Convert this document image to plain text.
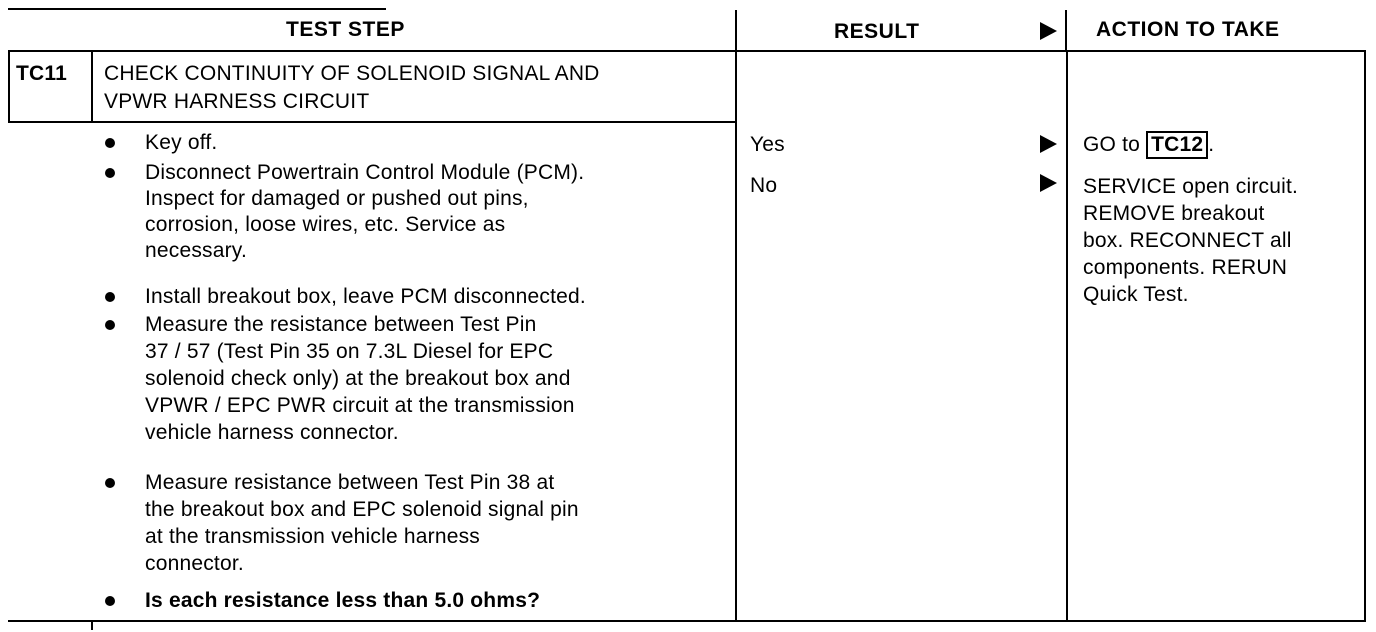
TEST STEP	RESULT	ACTION TO TAKE
TC11 CHECK CONTINUITY OF SOLENOID SIGNAL AND
VPWR HARNESS CIRCUIT
Key off.
Disconnect Powertrain Control Module (PCM).
Inspect for damaged or pushed out pins,
corrosion, loose wires, etc. Service as
necessary.
Install breakout box, leave PCM disconnected.
Measure the resistance between Test Pin
37 / 57 (Test Pin 35 on 7.3L Diesel for EPC
solenoid check only) at the breakout box and
VPWR / EPC PWR circuit at the transmission
vehicle harness connector.
Measure resistance between Test Pin 38 at
the breakout box and EPC solenoid signal pin
at the transmission vehicle harness
connector.
Is each resistance less than 5.0 ohms?
Yes
No
GO to TC12 .
SERVICE open circuit.
REMOVE breakout
box. RECONNECT all
components. RERUN
Quick Test.
